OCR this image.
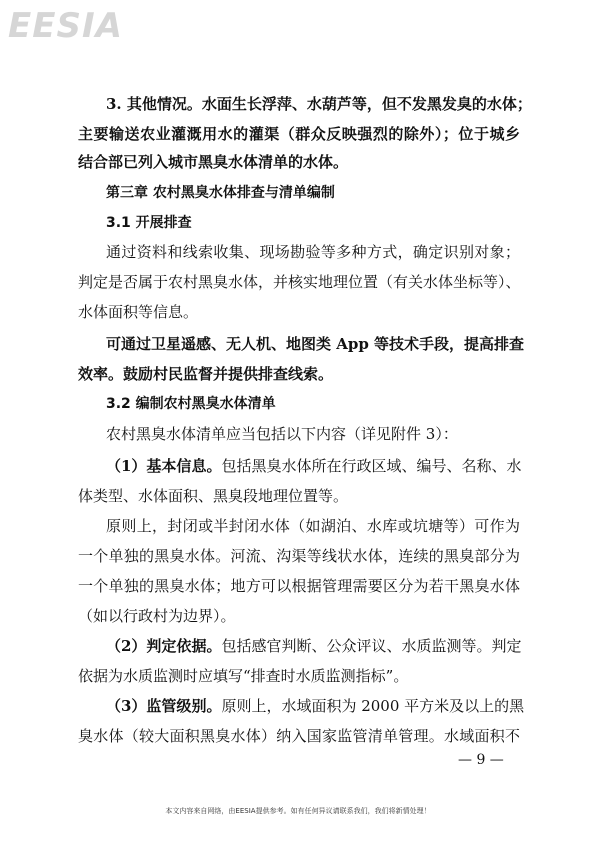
EESIA
3. 其他情况。水面生长浮萍、水葫芦等，但不发黑发臭的水体；
主要输送农业灌溉用水的灌渠（群众反映强烈的除外）；位于城乡
结合部已列入城市黑臭水体清单的水体。
第三章 农村黑臭水体排查与清单编制
3.1 开展排查
通过资料和线索收集、现场勘验等多种方式，确定识别对象；
判定是否属于农村黑臭水体，并核实地理位置（有关水体坐标等）、
水体面积等信息。
可通过卫星遥感、无人机、地图类 App 等技术手段，提高排查
效率。鼓励村民监督并提供排查线索。
3.2 编制农村黑臭水体清单
农村黑臭水体清单应当包括以下内容（详见附件 3）：
（1）基本信息。包括黑臭水体所在行政区域、编号、名称、水
体类型、水体面积、黑臭段地理位置等。
原则上，封闭或半封闭水体（如湖泊、水库或坑塘等）可作为
一个单独的黑臭水体。河流、沟渠等线状水体，连续的黑臭部分为
一个单独的黑臭水体；地方可以根据管理需要区分为若干黑臭水体
（如以行政村为边界）。
（2）判定依据。包括感官判断、公众评议、水质监测等。判定
依据为水质监测时应填写“排查时水质监测指标”。
（3）监管级别。原则上，水域面积为 2000 平方米及以上的黑
臭水体（较大面积黑臭水体）纳入国家监管清单管理。水域面积不
— 9 —
本文内容来自网络，由EESIA提供参考。如有任何异议请联系我们，我们将新情处理！
